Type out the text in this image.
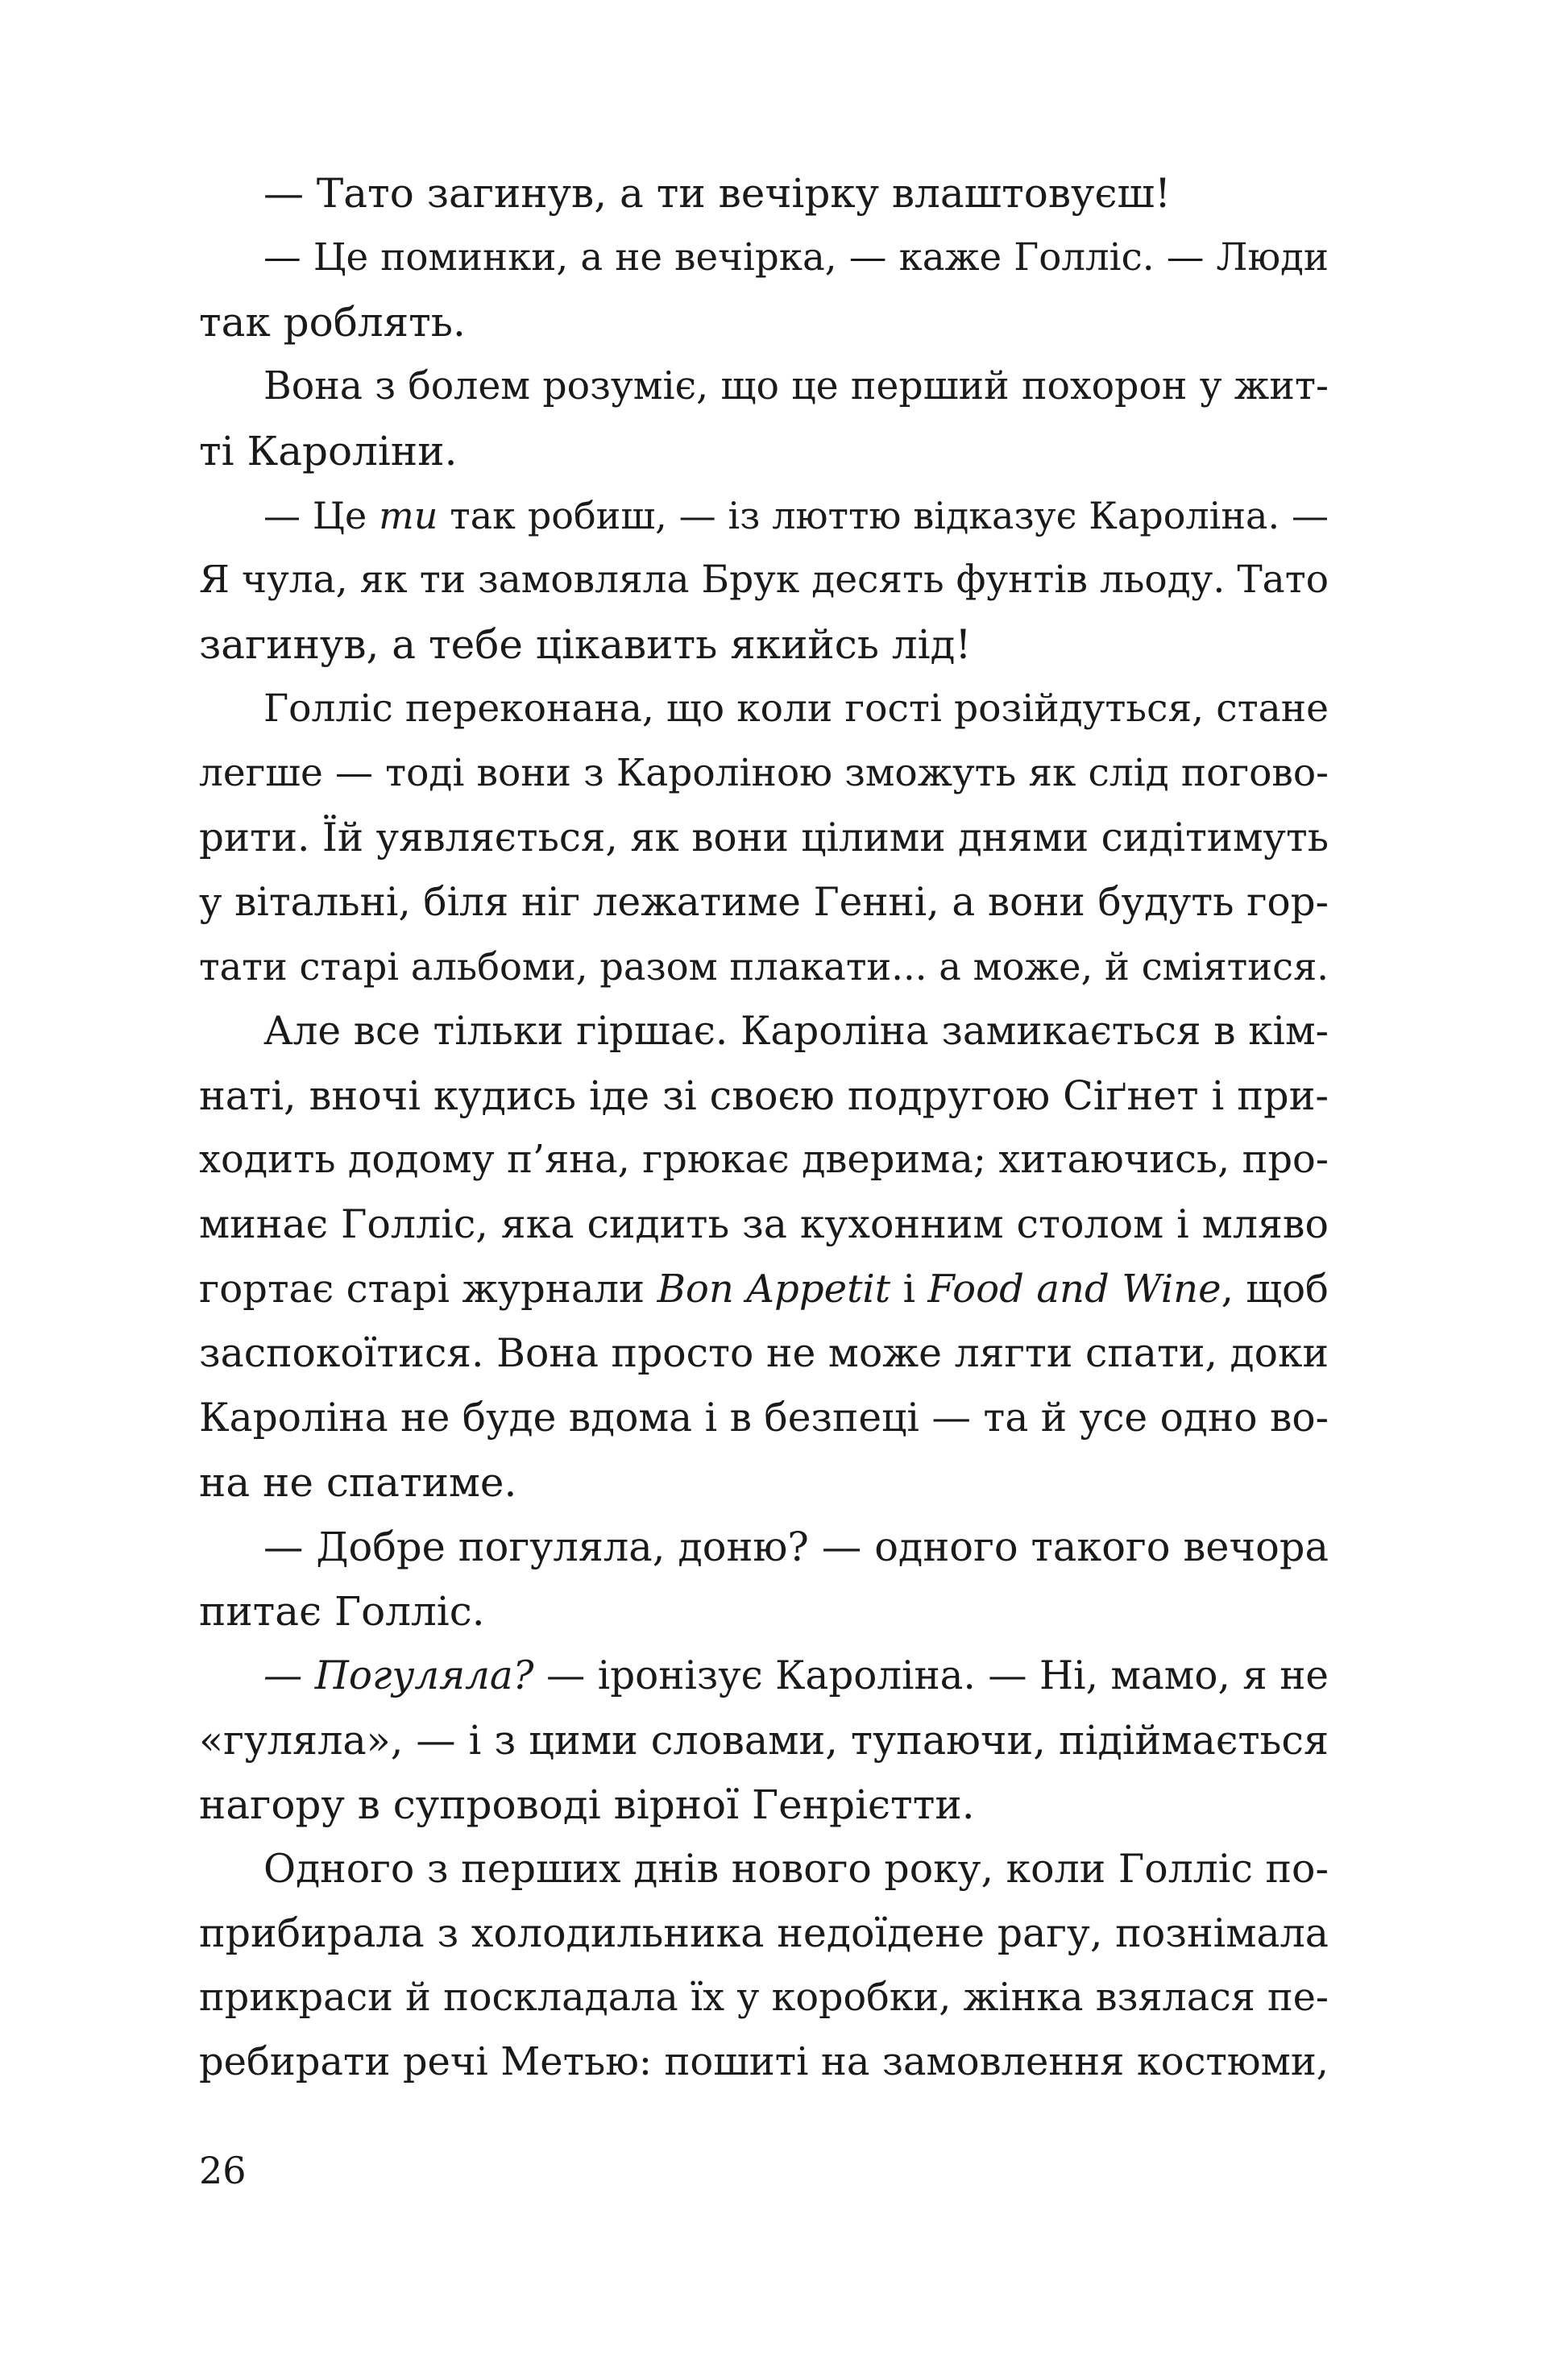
— Тато загинув, а ти вечірку влаштовуєш!
— Це поминки, а не вечірка, — каже Голліс. — Люди
так роблять.
Вона з болем розуміє, що це перший похорон у жит-
ті Кароліни.
— Це ти так робиш, — із люттю відказує Кароліна. —
Я чула, як ти замовляла Брук десять фунтів льоду. Тато
загинув, а тебе цікавить якийсь лід!
Голліс переконана, що коли гості розійдуться, стане
легше — тоді вони з Кароліною зможуть як слід погово-
рити. Їй уявляється, як вони цілими днями сидітимуть
у вітальні, біля ніг лежатиме Генні, а вони будуть гор-
тати старі альбоми, разом плакати... а може, й сміятися.
Але все тільки гіршає. Кароліна замикається в кім-
наті, вночі кудись іде зі своєю подругою Сіґнет і при-
ходить додому п’яна, грюкає дверима; хитаючись, про-
минає Голліс, яка сидить за кухонним столом і мляво
гортає старі журнали Bon Appetit і Food and Wine, щоб
заспокоїтися. Вона просто не може лягти спати, доки
Кароліна не буде вдома і в безпеці — та й усе одно во-
на не спатиме.
— Добре погуляла, доню? — одного такого вечора
питає Голліс.
— Погуляла? — іронізує Кароліна. — Ні, мамо, я не
«гуляла», — і з цими словами, тупаючи, підіймається
нагору в супроводі вірної Генрієтти.
Одного з перших днів нового року, коли Голліс по-
прибирала з холодильника недоїдене рагу, познімала
прикраси й поскладала їх у коробки, жінка взялася пе-
ребирати речі Метью: пошиті на замовлення костюми,
26
